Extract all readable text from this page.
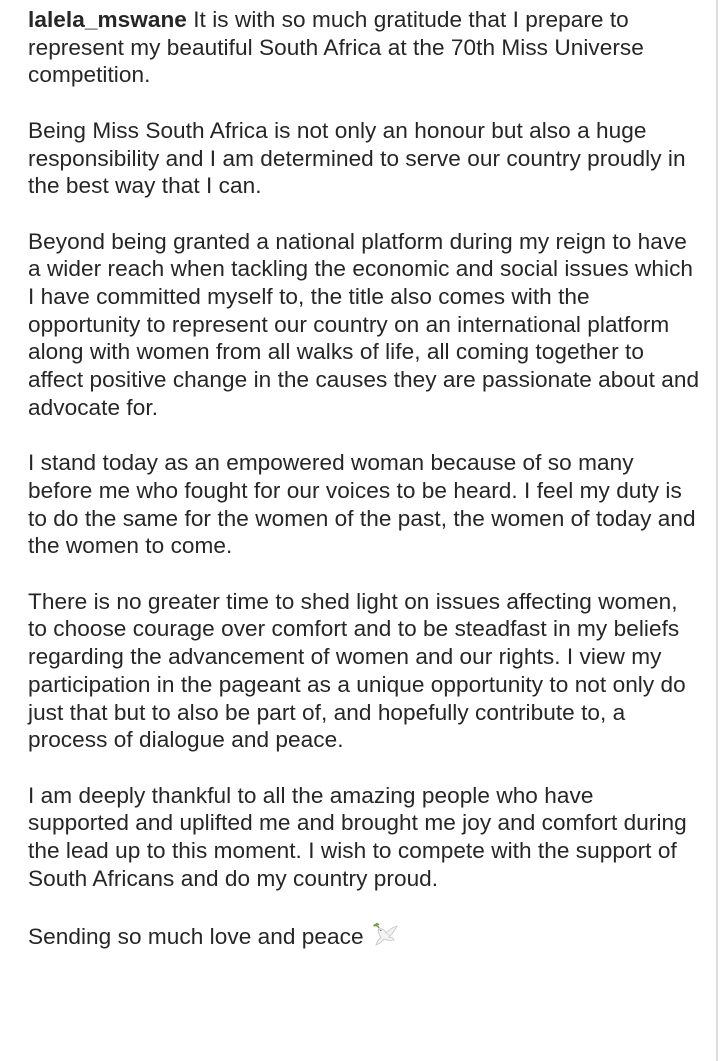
lalela_mswane It is with so much gratitude that I prepare to represent my beautiful South Africa at the 70th Miss Universe competition.

Being Miss South Africa is not only an honour but also a huge responsibility and I am determined to serve our country proudly in the best way that I can.

Beyond being granted a national platform during my reign to have a wider reach when tackling the economic and social issues which I have committed myself to, the title also comes with the opportunity to represent our country on an international platform along with women from all walks of life, all coming together to affect positive change in the causes they are passionate about and advocate for.

I stand today as an empowered woman because of so many before me who fought for our voices to be heard. I feel my duty is to do the same for the women of the past, the women of today and the women to come.

There is no greater time to shed light on issues affecting women, to choose courage over comfort and to be steadfast in my beliefs regarding the advancement of women and our rights. I view my participation in the pageant as a unique opportunity to not only do just that but to also be part of, and hopefully contribute to, a process of dialogue and peace.

I am deeply thankful to all the amazing people who have supported and uplifted me and brought me joy and comfort during the lead up to this moment. I wish to compete with the support of South Africans and do my country proud.

Sending so much love and peace
